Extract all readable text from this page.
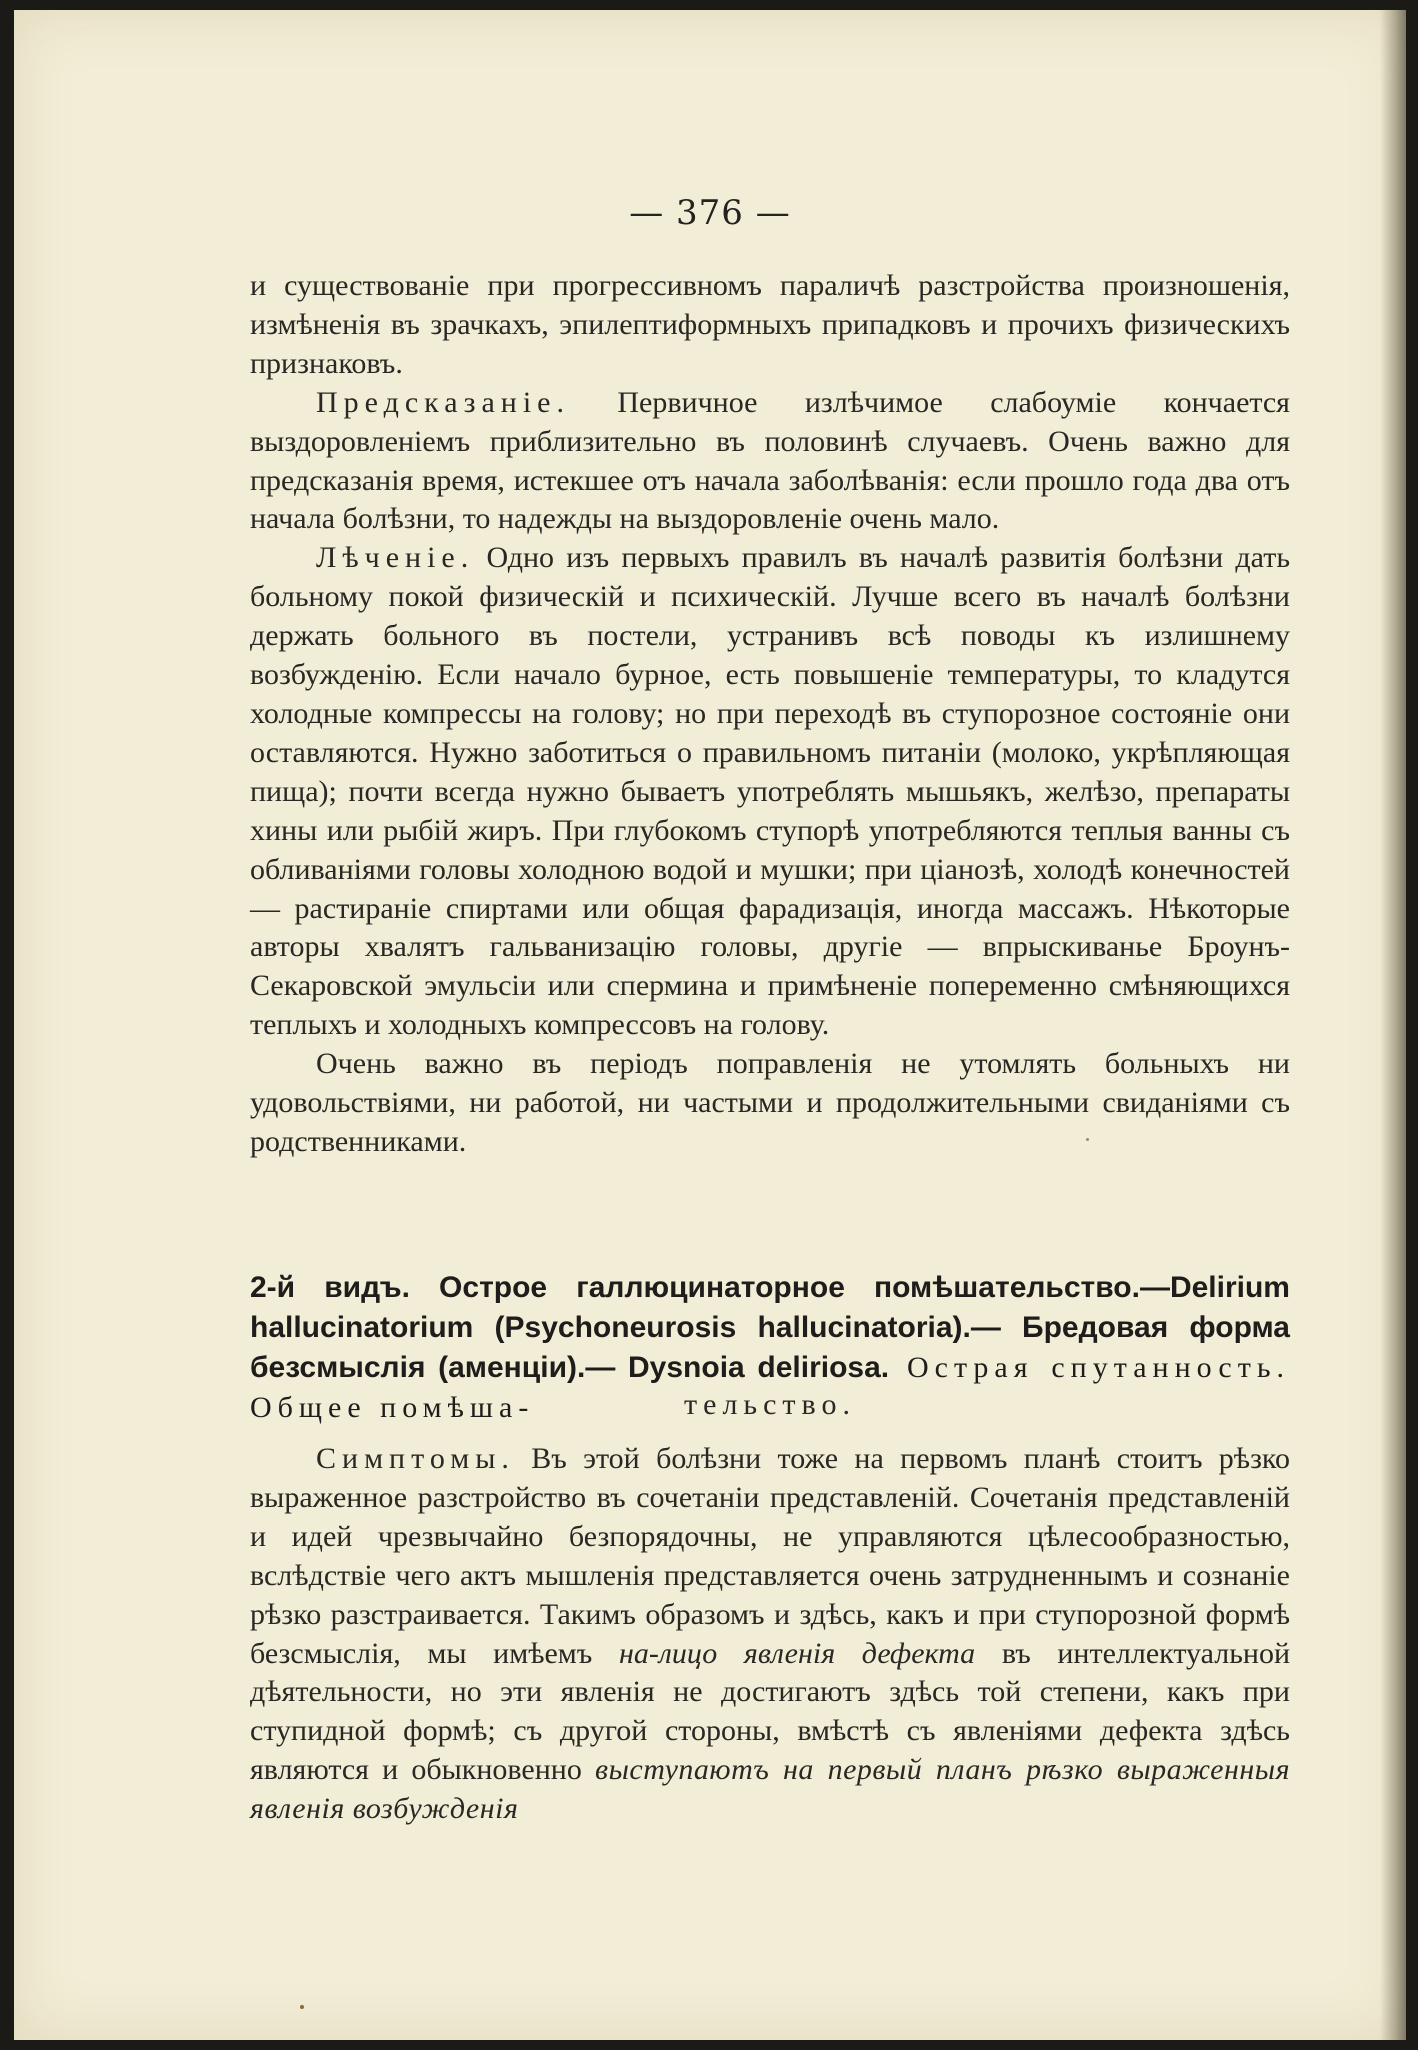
— 376 —

и существованіе при прогрессивномъ параличѣ разстройства произношенія, измѣненія въ зрачкахъ, эпилептиформныхъ припадковъ и прочихъ физическихъ признаковъ.

Предсказаніе. Первичное излѣчимое слабоуміе кончается выздоровленіемъ приблизительно въ половинѣ случаевъ. Очень важно для предсказанія время, истекшее отъ начала заболѣванія: если прошло года два отъ начала болѣзни, то надежды на выздоровленіе очень мало.

Лѣченіе. Одно изъ первыхъ правилъ въ началѣ развитія болѣзни дать больному покой физическій и психическій. Лучше всего въ началѣ болѣзни держать больного въ постели, устранивъ всѣ поводы къ излишнему возбужденію. Если начало бурное, есть повышеніе температуры, то кладутся холодные компрессы на голову; но при переходѣ въ ступорозное состояніе они оставляются. Нужно заботиться о правильномъ питаніи (молоко, укрѣпляющая пища); почти всегда нужно бываетъ употреблять мышьякъ, желѣзо, препараты хины или рыбій жиръ. При глубокомъ ступорѣ употребляются теплыя ванны съ обливаніями головы холодною водой и мушки; при ціанозѣ, холодѣ конечностей — растираніе спиртами или общая фарадизація, иногда массажъ. Нѣкоторые авторы хвалятъ гальванизацію головы, другіе — впрыскиванье Броунъ-Секаровской эмульсіи или спермина и примѣненіе попеременно смѣняющихся теплыхъ и холодныхъ компрессовъ на голову.

Очень важно въ періодъ поправленія не утомлять больныхъ ни удовольствіями, ни работой, ни частыми и продолжительными свиданіями съ родственниками.

2-й видъ. Острое галлюцинаторное помѣшательство.—Delirium hallucinatorium (Psychoneurosis hallucinatoria).— Бредовая форма безсмыслія (аменціи).— Dysnoia deliriosa. Острая спутанность. Общее помѣша-	тельство.

Симптомы. Въ этой болѣзни тоже на первомъ планѣ стоитъ рѣзко выраженное разстройство въ сочетаніи представленій. Сочетанія представленій и идей чрезвычайно безпорядочны, не управляются цѣлесообразностью, вслѣдствіе чего актъ мышленія представляется очень затрудненнымъ и сознаніе рѣзко разстраивается. Такимъ образомъ и здѣсь, какъ и при ступорозной формѣ безсмыслія, мы имѣемъ на-лицо явленія дефекта въ интеллектуальной дѣятельности, но эти явленія не достигаютъ здѣсь той степени, какъ при ступидной формѣ; съ другой стороны, вмѣстѣ съ явленіями дефекта здѣсь являются и обыкновенно выступаютъ на первый планъ рѣзко выраженныя явленія возбужденія
